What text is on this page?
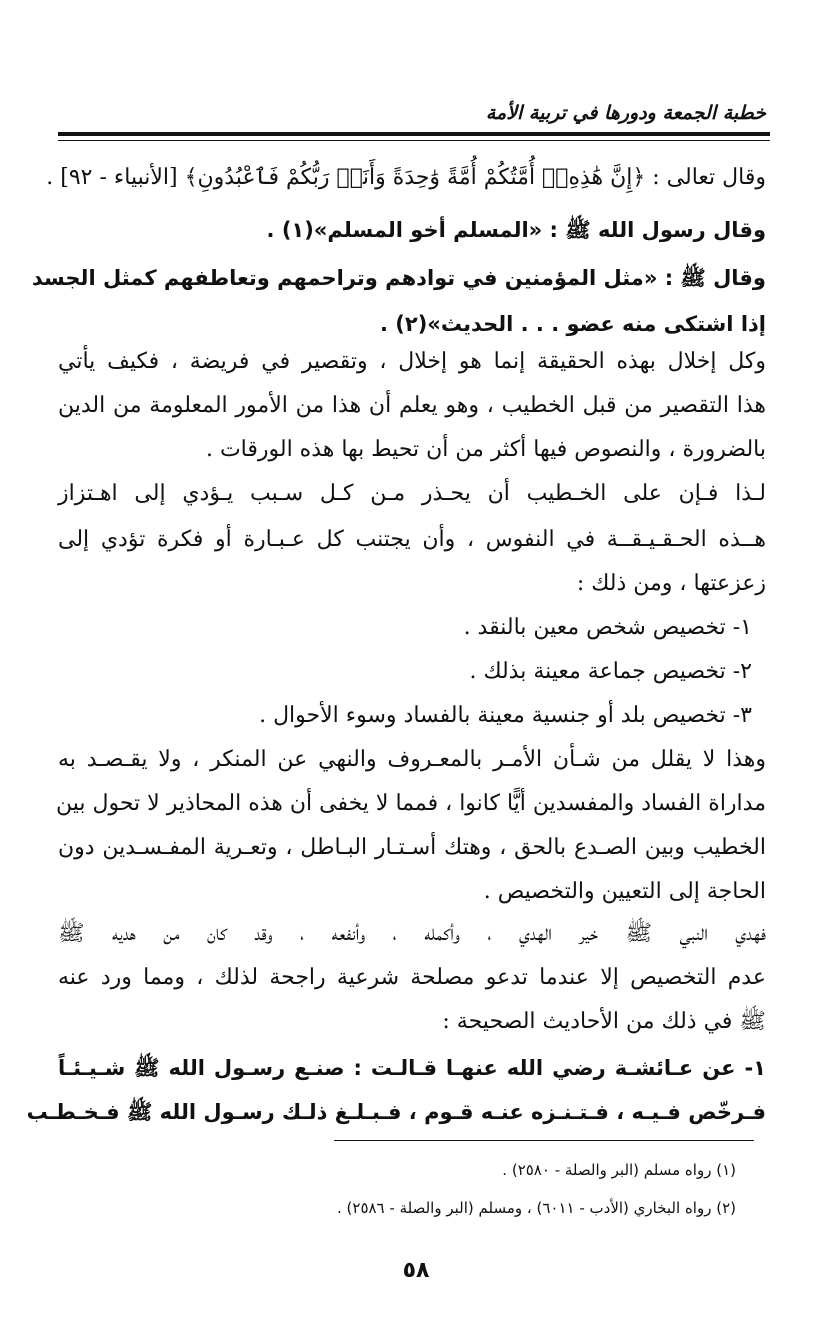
خطبة الجمعة ودورها في تربية الأمة
وقال تعالى : ﴿إِنَّ هَٰذِهِۦٓ أُمَّتُكُمْ أُمَّةً وَٰحِدَةً وَأَنَا۠ رَبُّكُمْ فَٱعْبُدُونِ﴾ [الأنبياء - ٩٢] .
وقال رسول الله ﷺ : «المسلم أخو المسلم»(١) .
وقال ﷺ : «مثل المؤمنين في توادهم وتراحمهم وتعاطفهم كمثل الجسد
إذا اشتكى منه عضو . . . الحديث»(٢) .
وكل إخلال بهذه الحقيقة إنما هو إخلال ، وتقصير في فريضة ، فكيف يأتي
هذا التقصير من قبل الخطيب ، وهو يعلم أن هذا من الأمور المعلومة من الدين
بالضرورة ، والنصوص فيها أكثر من أن تحيط بها هذه الورقات .
لـذا فـإن على الخـطيب أن يحـذر مـن كـل سـبب يـؤدي إلى اهـتزاز
هــذه الحـقـيـقــة في النفوس ، وأن يجتنب كل عـبـارة أو فكرة تؤدي إلى
زعزعتها ، ومن ذلك :
١- تخصيص شخص معين بالنقد .
٢- تخصيص جماعة معينة بذلك .
٣- تخصيص بلد أو جنسية معينة بالفساد وسوء الأحوال .
وهذا لا يقلل من شـأن الأمـر بالمعـروف والنهي عن المنكر ، ولا يقـصـد به
مداراة الفساد والمفسدين أيًّا كانوا ، فمما لا يخفى أن هذه المحاذير لا تحول بين
الخطيب وبين الصـدع بالحق ، وهتك أسـتـار البـاطل ، وتعـرية المفـسـدين دون
الحاجة إلى التعيين والتخصيص .
فهدي النبي ﷺ خير الهدي ، وأكمله ، وأنفعه ، وقد كان من هديه ﷺ
عدم التخصيص إلا عندما تدعو مصلحة شرعية راجحة لذلك ، ومما ورد عنه
ﷺ في ذلك من الأحاديث الصحيحة :
١- عن عـائشـة رضي الله عنهـا قـالـت : صنـع رسـول الله ﷺ شـيـئـاً
فـرخّص فـيـه ، فـتـنـزه عنـه قـوم ، فـبـلـغ ذلـك رسـول الله ﷺ فـخـطـب
(١) رواه مسلم (البر والصلة - ٢٥٨٠) .
(٢) رواه البخاري (الأدب - ٦٠١١) ، ومسلم (البر والصلة - ٢٥٨٦) .
٥٨
